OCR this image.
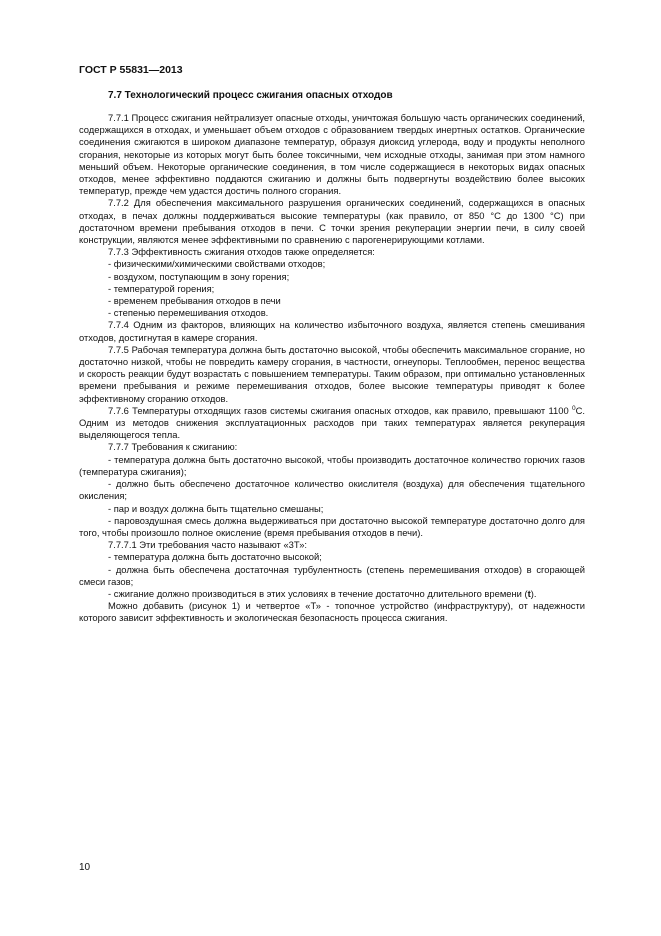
ГОСТ Р 55831—2013
7.7 Технологический процесс сжигания опасных отходов

7.7.1 Процесс сжигания нейтрализует опасные отходы, уничтожая большую часть органических соединений, содержащихся в отходах, и уменьшает объем отходов с образованием твердых инертных остатков. Органические соединения сжигаются в широком диапазоне температур, образуя диоксид углерода, воду и продукты неполного сгорания, некоторые из которых могут быть более токсичными, чем исходные отходы, занимая при этом намного меньший объем. Некоторые органические соединения, в том числе содержащиеся в некоторых видах опасных отходов, менее эффективно поддаются сжиганию и должны быть подвергнуты воздействию более высоких температур, прежде чем удастся достичь полного сгорания.

7.7.2 Для обеспечения максимального разрушения органических соединений, содержащихся в опасных отходах, в печах должны поддерживаться высокие температуры (как правило, от 850 °С до 1300 °С) при достаточном времени пребывания отходов в печи. С точки зрения рекуперации энергии печи, в силу своей конструкции, являются менее эффективными по сравнению с парогенерирующими котлами.

7.7.3 Эффективность сжигания отходов также определяется:

- физическими/химическими свойствами отходов;

- воздухом, поступающим в зону горения;

- температурой горения;

- временем пребывания отходов в печи

- степенью перемешивания отходов.

7.7.4 Одним из факторов, влияющих на количество избыточного воздуха, является степень смешивания отходов, достигнутая в камере сгорания.

7.7.5 Рабочая температура должна быть достаточно высокой, чтобы обеспечить максимальное сгорание, но достаточно низкой, чтобы не повредить камеру сгорания, в частности, огнеупоры. Теплообмен, перенос вещества и скорость реакции будут возрастать с повышением температуры. Таким образом, при оптимально установленных времени пребывания и режиме перемешивания отходов, более высокие температуры приводят к более эффективному сгоранию отходов.

7.7.6 Температуры отходящих газов системы сжигания опасных отходов, как правило, превышают 1100 $^0$С. Одним из методов снижения эксплуатационных расходов при таких температурах является рекуперация выделяющегося тепла.

7.7.7 Требования к сжиганию:

- температура должна быть достаточно высокой, чтобы производить достаточное количество горючих газов (температура сжигания);

- должно быть обеспечено достаточное количество окислителя (воздуха) для обеспечения тщательного окисления;

- пар и воздух должна быть тщательно смешаны;

- паровоздушная смесь должна выдерживаться при достаточно высокой температуре достаточно долго для того, чтобы произошло полное окисление (время пребывания отходов в печи).

7.7.7.1 Эти требования часто называют «3Т»:

- температура должна быть достаточно высокой;

- должна быть обеспечена достаточная турбулентность (степень перемешивания отходов) в сгорающей смеси газов;

- сжигание должно производиться в этих условиях в течение достаточно длительного времени (t).

Можно добавить (рисунок 1) и четвертое «Т» - топочное устройство (инфраструктуру), от надежности которого зависит эффективность и экологическая безопасность процесса сжигания.

10
